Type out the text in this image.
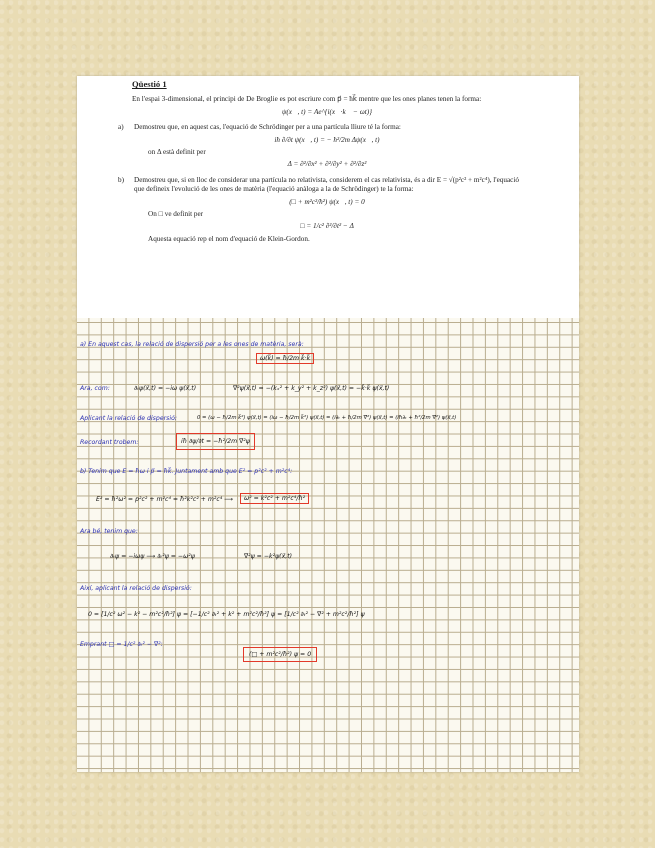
Qüestió 1

En l'espai 3-dimensional, el principi de De Broglie es pot escriure com p⃗ = ħk⃗ mentre que les ones planes tenen la forma:

ψ(x⃗, t) = Ae^{i(x⃗·k⃗ − ωt)}
a) Demostreu que, en aquest cas, l'equació de Schrödinger per a una partícula lliure té la forma:
iħ ∂/∂t ψ(x⃗, t) = − ħ²/2m Δψ(x⃗, t)
on Δ està definit per
Δ = ∂²/∂x² + ∂²/∂y² + ∂²/∂z²
b) Demostreu que, si en lloc de considerar una partícula no relativista, considerem el cas relativista, és a dir E = √(p²c² + m²c⁴), l'equació que defineix l'evolució de les ones de matèria (l'equació anàloga a la de Schrödinger) te la forma:
(□ + m²c²/ħ²) ψ(x⃗, t) = 0
On □ ve definit per
□ = 1/c² ∂²/∂t² − Δ
Aquesta equació rep el nom d'equació de Klein-Gordon.
a) En aquest cas, la relació de dispersió per a les ones de matèria, serà:
ω(k⃗) = ħ/2m k⃗·k⃗
Ara, com:	∂ₜψ(x⃗,t) = −iω ψ(x⃗,t)	∇⃗²ψ(x⃗,t) = −(kₓ² + k_y² + k_z²) ψ(x⃗,t) = −k⃗·k⃗ ψ(x⃗,t)
Aplicant la relació de dispersió:	0 = (ω − ħ/2m k⃗²) ψ(x⃗,t) = (iω − ħ/2m k⃗²) ψ(x⃗,t) = (i∂ₜ + ħ/2m ∇⃗²) ψ(x⃗,t) = (iħ∂ₜ + ħ²/2m ∇⃗²) ψ(x⃗,t)
Recordant trobem:	iħ ∂ψ/∂t = −ħ²/2m ∇⃗²ψ
b) Tenim que E = ħω i p⃗ = ħk⃗. Juntament amb que E² = p²c² + m²c⁴:
E² = ħ²ω² = p²c² + m²c⁴ = ħ²k²c² + m²c⁴ ⟶	ω² = k²c² + m²c⁴/ħ²
Ara bé, tenim que:
∂ₜψ = −iωψ ⟶ ∂ₜ²ψ = −ω²ψ	∇⃗²ψ = −k²ψ(x⃗,t)
Així, aplicant la relació de dispersió:
0 = [1/c² ω² − k² − m²c²/ħ²] ψ = [−1/c² ∂ₜ² + k² + m²c²/ħ²] ψ = [1/c² ∂ₜ² − ∇⃗² + m²c²/ħ²] ψ
Emprant □ = 1/c² ∂ₜ² − ∇⃗²:
(□ + m²c²/ħ²) ψ = 0
